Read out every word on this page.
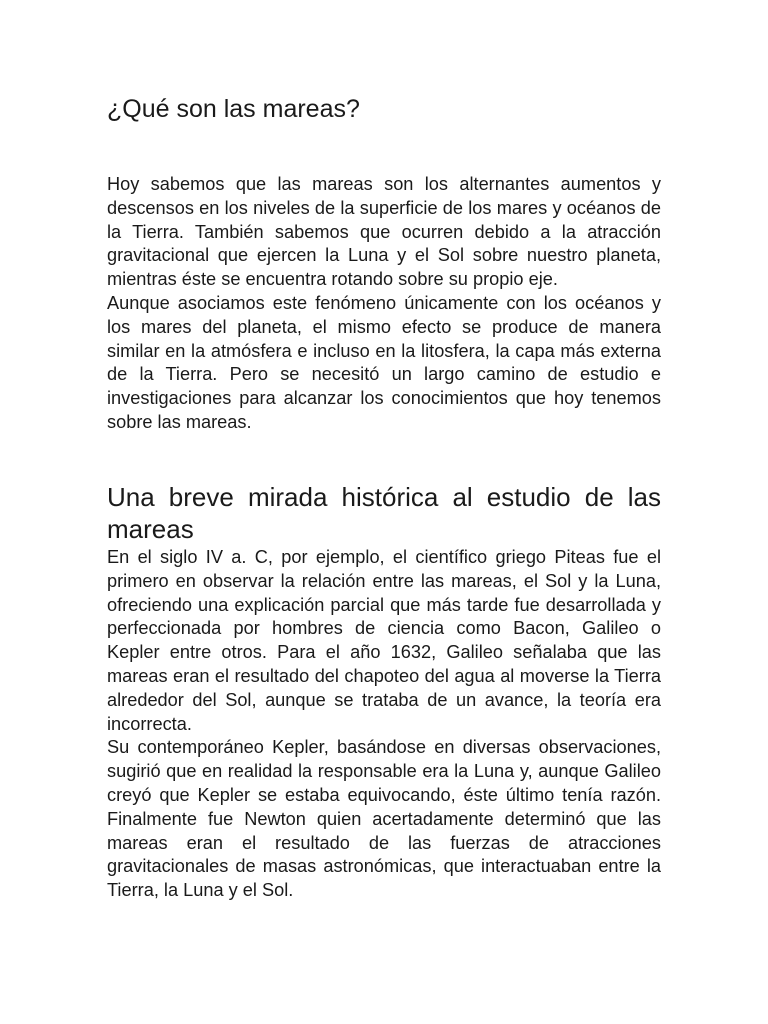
¿Qué son las mareas?

Hoy sabemos que las mareas son los alternantes aumentos y descensos en los niveles de la superficie de los mares y océanos de la Tierra. También sabemos que ocurren debido a la atracción gravitacional que ejercen la Luna y el Sol sobre nuestro planeta, mientras éste se encuentra rotando sobre su propio eje.

Aunque asociamos este fenómeno únicamente con los océanos y los mares del planeta, el mismo efecto se produce de manera similar en la atmósfera e incluso en la litosfera, la capa más externa de la Tierra. Pero se necesitó un largo camino de estudio e investigaciones para alcanzar los conocimientos que hoy tenemos sobre las mareas.

Una breve mirada histórica al estudio de las mareas

En el siglo IV a. C, por ejemplo, el científico griego Piteas fue el primero en observar la relación entre las mareas, el Sol y la Luna, ofreciendo una explicación parcial que más tarde fue desarrollada y perfeccionada por hombres de ciencia como Bacon, Galileo o Kepler entre otros. Para el año 1632, Galileo señalaba que las mareas eran el resultado del chapoteo del agua al moverse la Tierra alrededor del Sol, aunque se trataba de un avance, la teoría era incorrecta.

Su contemporáneo Kepler, basándose en diversas observaciones, sugirió que en realidad la responsable era la Luna y, aunque Galileo creyó que Kepler se estaba equivocando, éste último tenía razón. Finalmente fue Newton quien acertadamente determinó que las mareas eran el resultado de las fuerzas de atracciones gravitacionales de masas astronómicas, que interactuaban entre la Tierra, la Luna y el Sol.
